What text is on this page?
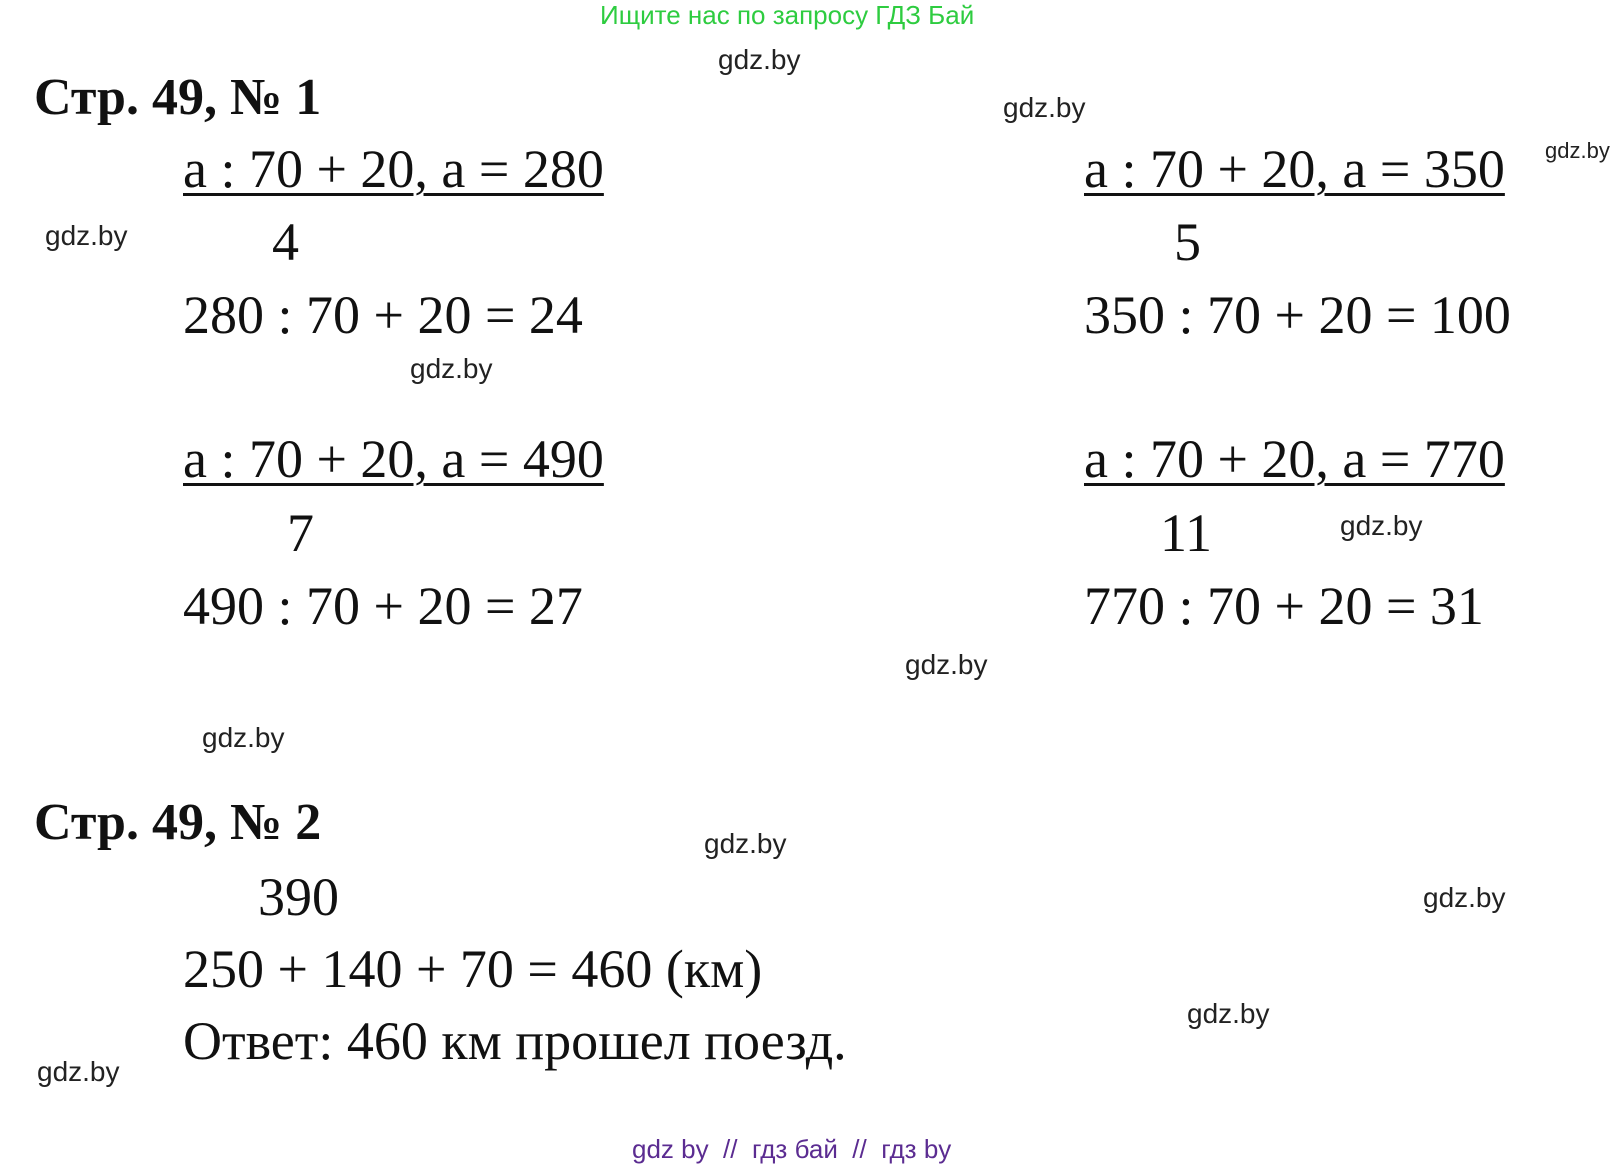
Ищите нас по запросу ГДЗ Бай
Стр. 49, № 1
a : 70 + 20, a = 280
4
280 : 70 + 20 = 24
a : 70 + 20, a = 350
5
350 : 70 + 20 = 100
a : 70 + 20, a = 490
7
490 : 70 + 20 = 27
a : 70 + 20, a = 770
11
770 : 70 + 20 = 31
Стр. 49, № 2
390
250 + 140 + 70 = 460 (км)
Ответ: 460 км прошел поезд.
gdz.by
gdz.by
gdz.by
gdz.by
gdz.by
gdz.by
gdz.by
gdz.by
gdz.by
gdz.by
gdz.by
gdz.by
gdz by  //  гдз бай  //  гдз by
